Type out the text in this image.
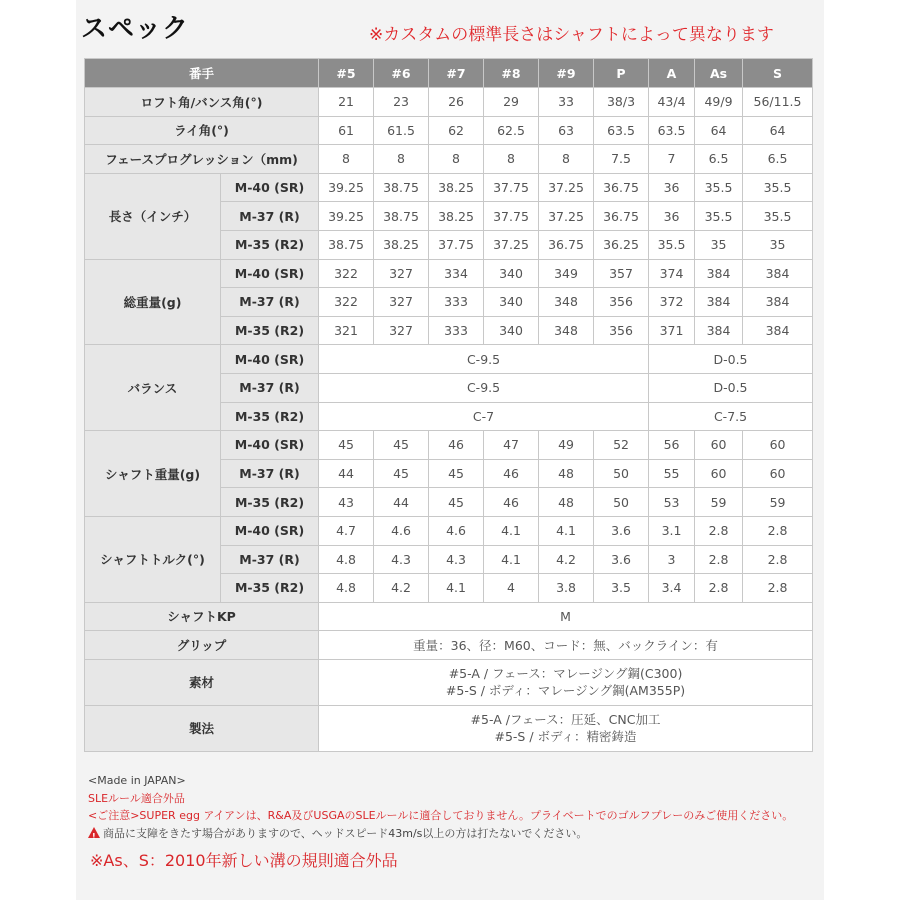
スペック	※カスタムの標準長さはシャフトによって異なります
番手		#5	#6	#7	#8	#9	P	A	As	S
ロフト角/バンス角(°)		21	23	26	29	33	38/3	43/4	49/9	56/11.5
ライ角(°)		61	61.5	62	62.5	63	63.5	63.5	64	64
フェースプログレッション（mm)		8	8	8	8	8	7.5	7	6.5	6.5
長さ（インチ）	M-40 (SR)	39.25	38.75	38.25	37.75	37.25	36.75	36	35.5	35.5
	M-37 (R)	39.25	38.75	38.25	37.75	37.25	36.75	36	35.5	35.5
	M-35 (R2)	38.75	38.25	37.75	37.25	36.75	36.25	35.5	35	35
総重量(g)	M-40 (SR)	322	327	334	340	349	357	374	384	384
	M-37 (R)	322	327	333	340	348	356	372	384	384
	M-35 (R2)	321	327	333	340	348	356	371	384	384
バランス	M-40 (SR)	C-9.5						D-0.5		
	M-37 (R)	C-9.5						D-0.5		
	M-35 (R2)	C-7						C-7.5		
シャフト重量(g)	M-40 (SR)	45	45	46	47	49	52	56	60	60
	M-37 (R)	44	45	45	46	48	50	55	60	60
	M-35 (R2)	43	44	45	46	48	50	53	59	59
シャフトトルク(°)	M-40 (SR)	4.7	4.6	4.6	4.1	4.1	3.6	3.1	2.8	2.8
	M-37 (R)	4.8	4.3	4.3	4.1	4.2	3.6	3	2.8	2.8
	M-35 (R2)	4.8	4.2	4.1	4	3.8	3.5	3.4	2.8	2.8
シャフトKP		M								
グリップ		重量：36、径：M60、コード：無、バックライン：有								
素材		#5-A / フェース：マレージング鋼(C300)
#5-S / ボディ：マレージング鋼(AM355P)								

製法		#5-A /フェース：圧延、CNC加工
#5-S / ボディ：精密鋳造								
<Made in JAPAN>
SLEルール適合外品
<ご注意>SUPER egg アイアンは、R&A及びUSGAのSLEルールに適合しておりません。プライベートでのゴルフプレーのみご使用ください。
!商品に支障をきたす場合がありますので、ヘッドスピード43m/s以上の方は打たないでください。
※As、S：2010年新しい溝の規則適合外品
